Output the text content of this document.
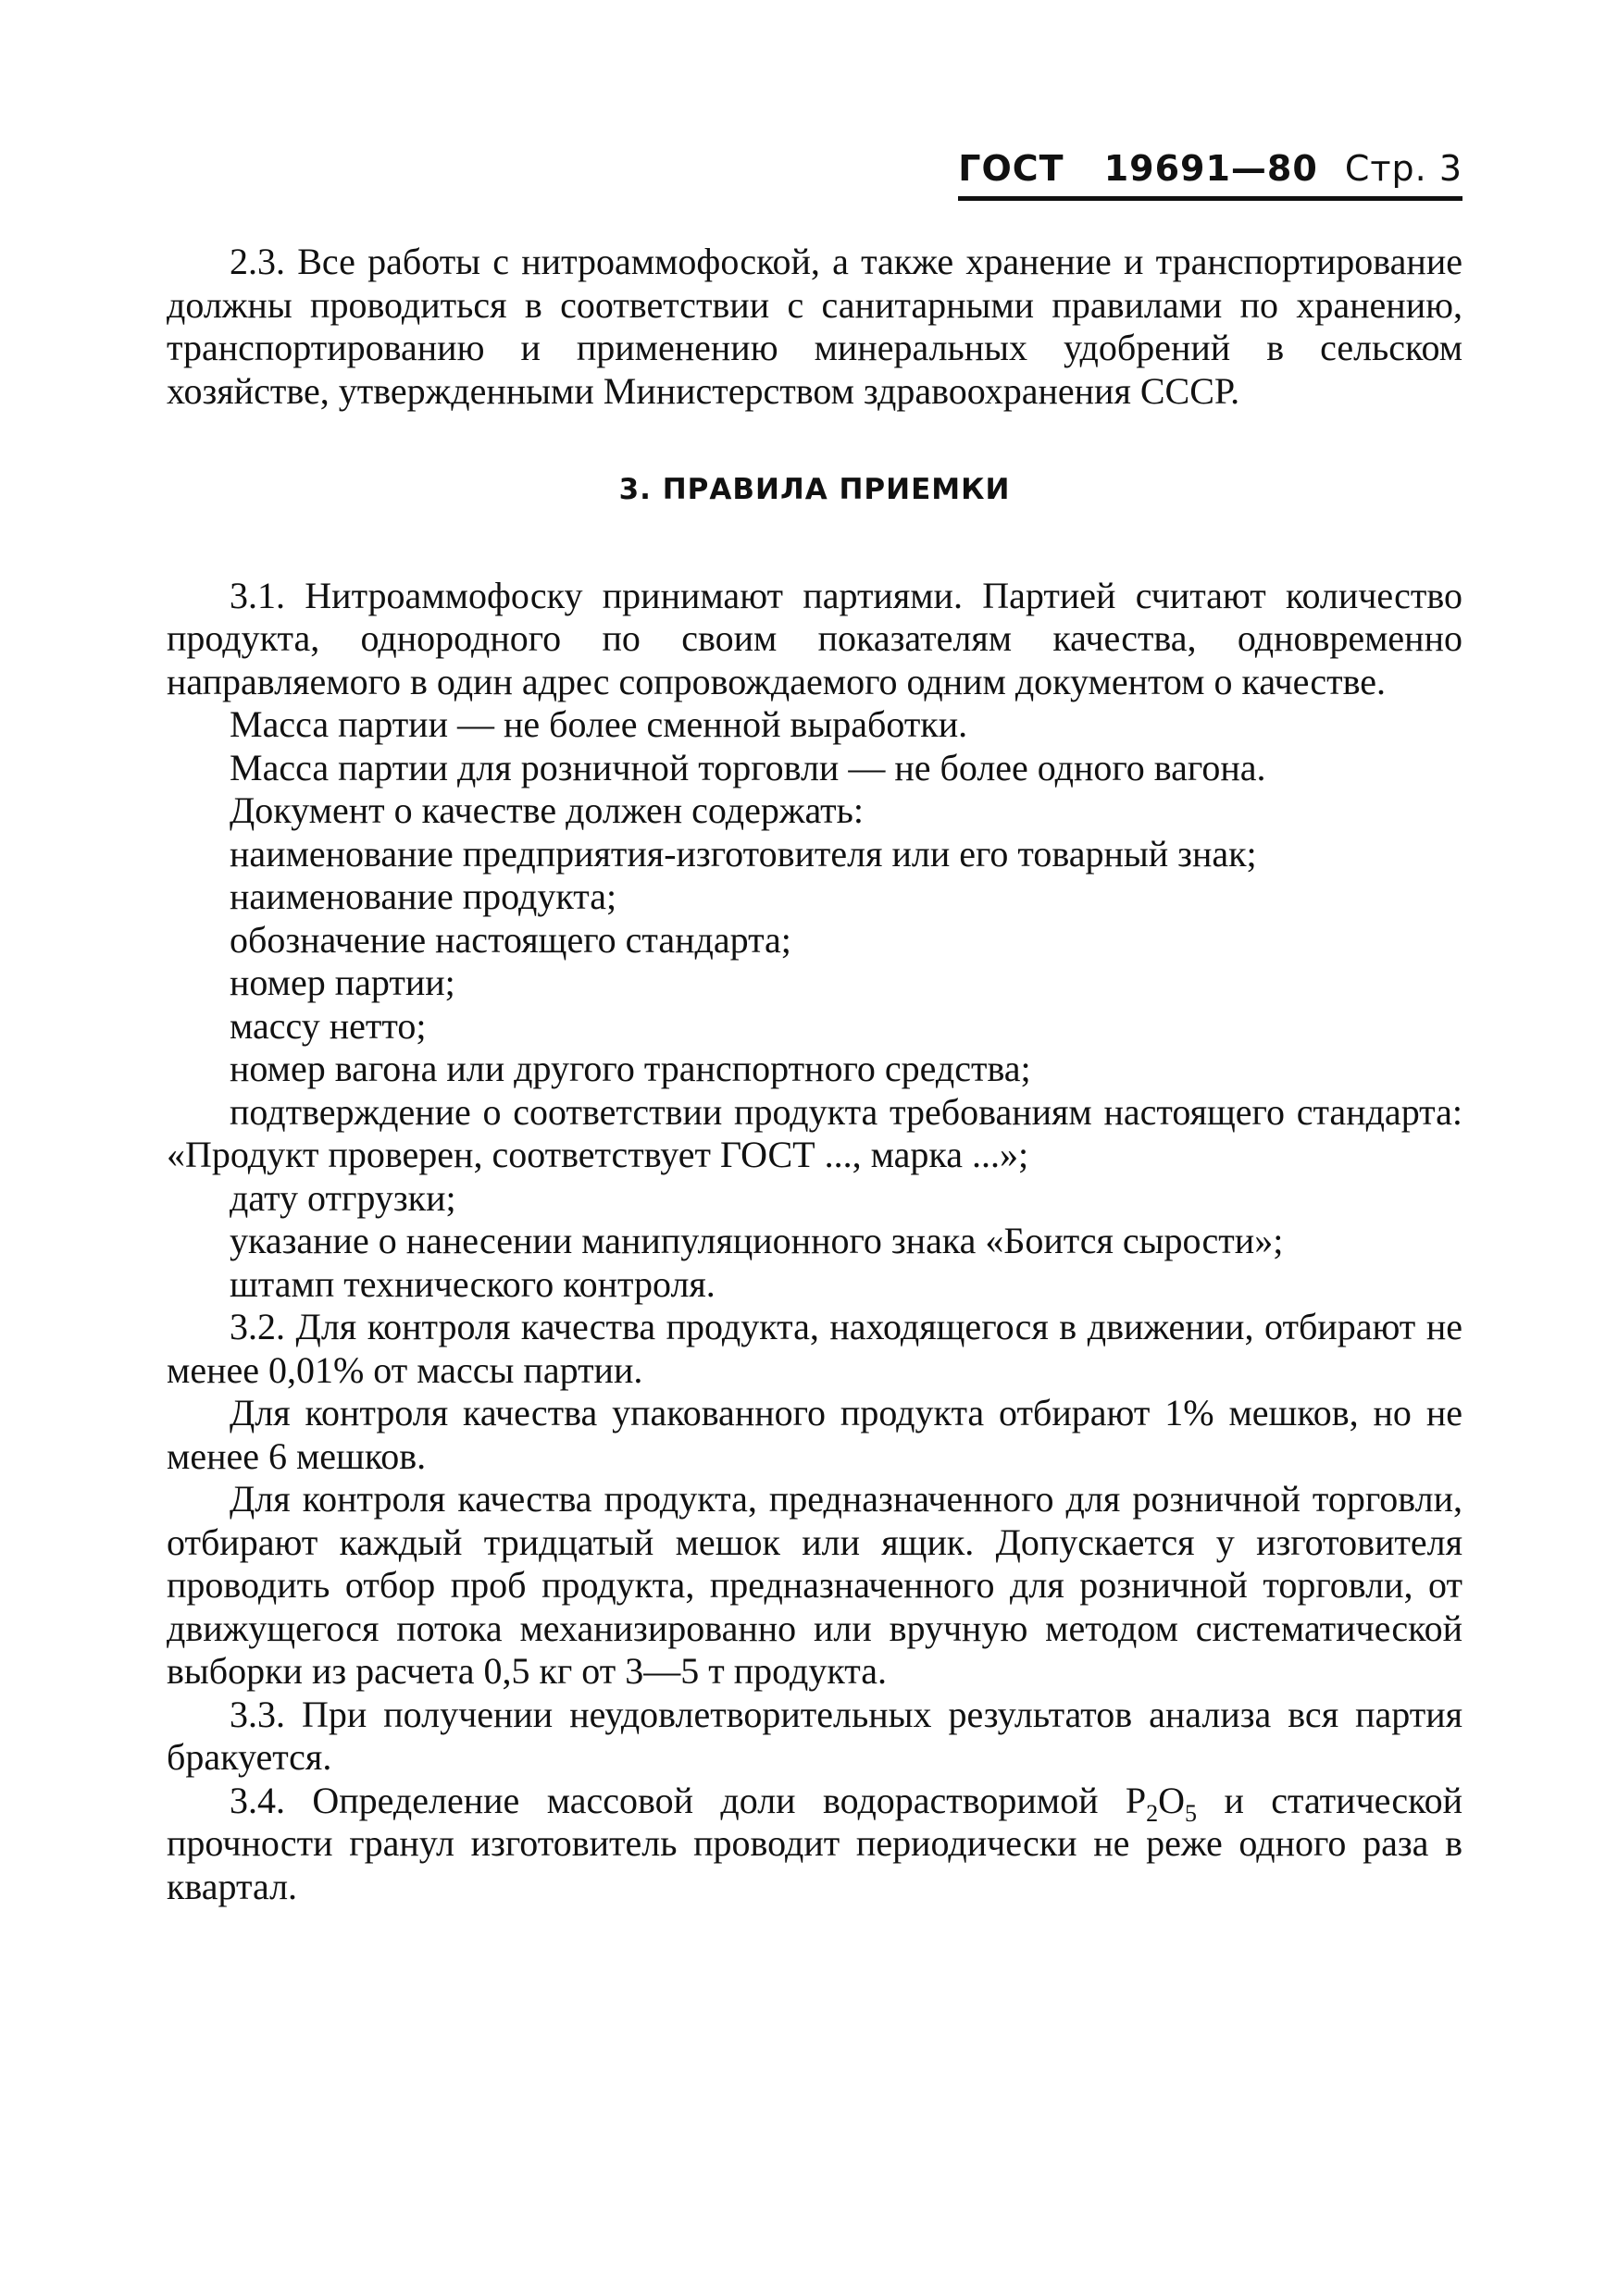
ГОСТ 19691—80 Стр. 3

2.3. Все работы с нитроаммофоской, а также хранение и транспортирование должны проводиться в соответствии с санитарными правилами по хранению, транспортированию и применению минеральных удобрений в сельском хозяйстве, утвержденными Министерством здравоохранения СССР.

3. ПРАВИЛА ПРИЕМКИ

3.1. Нитроаммофоску принимают партиями. Партией считают количество продукта, однородного по своим показателям качества, одновременно направляемого в один адрес сопровождаемого одним документом о качестве.

Масса партии — не более сменной выработки.

Масса партии для розничной торговли — не более одного вагона.

Документ о качестве должен содержать:

наименование предприятия-изготовителя или его товарный знак;

наименование продукта;

обозначение настоящего стандарта;

номер партии;

массу нетто;

номер вагона или другого транспортного средства;

подтверждение о соответствии продукта требованиям настоящего стандарта: «Продукт проверен, соответствует ГОСТ ..., марка ...»;

дату отгрузки;

указание о нанесении манипуляционного знака «Боится сырости»;

штамп технического контроля.

3.2. Для контроля качества продукта, находящегося в движении, отбирают не менее 0,01% от массы партии.

Для контроля качества упакованного продукта отбирают 1% мешков, но не менее 6 мешков.

Для контроля качества продукта, предназначенного для розничной торговли, отбирают каждый тридцатый мешок или ящик. Допускается у изготовителя проводить отбор проб продукта, предназначенного для розничной торговли, от движущегося потока механизированно или вручную методом систематической выборки из расчета 0,5 кг от 3—5 т продукта.

3.3. При получении неудовлетворительных результатов анализа вся партия бракуется.

3.4. Определение массовой доли водорастворимой $P_2O_5$ и статической прочности гранул изготовитель проводит периодически не реже одного раза в квартал.
